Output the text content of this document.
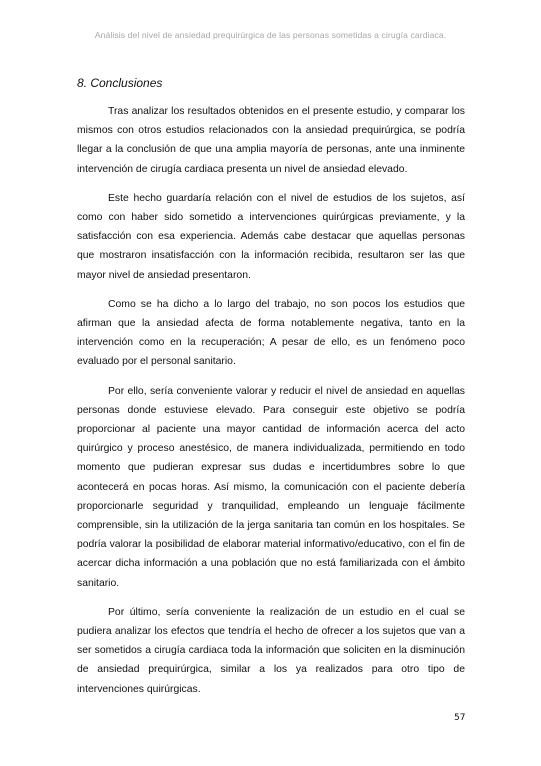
Análisis del nivel de ansiedad prequirúrgica de las personas sometidas a cirugía cardiaca.
8. Conclusiones

Tras analizar los resultados obtenidos en el presente estudio, y comparar los mismos con otros estudios relacionados con la ansiedad prequirúrgica, se podría llegar a la conclusión de que una amplia mayoría de personas, ante una inminente intervención de cirugía cardiaca presenta un nivel de ansiedad elevado.

Este hecho guardaría relación con el nivel de estudios de los sujetos, así como con haber sido sometido a intervenciones quirúrgicas previamente, y la satisfacción con esa experiencia. Además cabe destacar que aquellas personas que mostraron insatisfacción con la información recibida, resultaron ser las que mayor nivel de ansiedad presentaron.

Como se ha dicho a lo largo del trabajo, no son pocos los estudios que afirman que la ansiedad afecta de forma notablemente negativa, tanto en la intervención como en la recuperación; A pesar de ello, es un fenómeno poco evaluado por el personal sanitario.

Por ello, sería conveniente valorar y reducir el nivel de ansiedad en aquellas personas donde estuviese elevado. Para conseguir este objetivo se podría proporcionar al paciente una mayor cantidad de información acerca del acto quirúrgico y proceso anestésico, de manera individualizada, permitiendo en todo momento que pudieran expresar sus dudas e incertidumbres sobre lo que acontecerá en pocas horas. Así mismo, la comunicación con el paciente debería proporcionarle seguridad y tranquilidad, empleando un lenguaje fácilmente comprensible, sin la utilización de la jerga sanitaria tan común en los hospitales. Se podría valorar la posibilidad de elaborar material informativo/educativo, con el fin de acercar dicha información a una población que no está familiarizada con el ámbito sanitario.

Por último, sería conveniente la realización de un estudio en el cual se pudiera analizar los efectos que tendría el hecho de ofrecer a los sujetos que van a ser sometidos a cirugía cardiaca toda la información que soliciten en la disminución de ansiedad prequirúrgica, similar a los ya realizados para otro tipo de intervenciones quirúrgicas.

57
